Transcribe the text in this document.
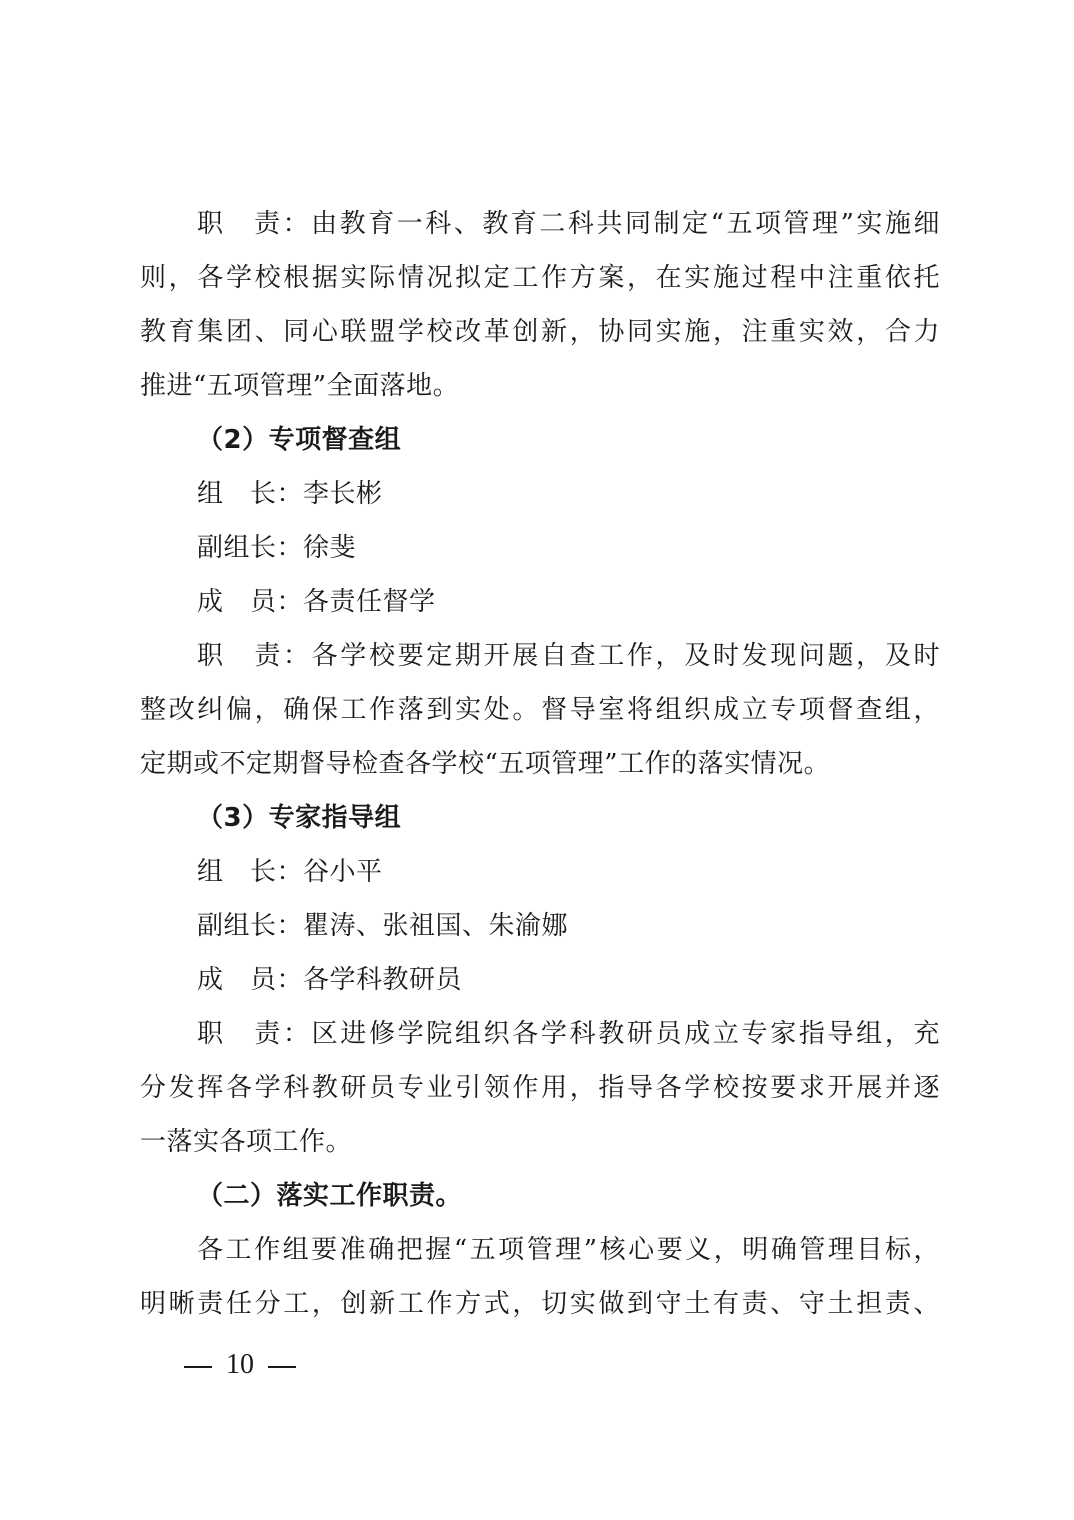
职　责：由教育一科、教育二科共同制定“五项管理”实施细
则，各学校根据实际情况拟定工作方案，在实施过程中注重依托
教育集团、同心联盟学校改革创新，协同实施，注重实效，合力
推进“五项管理”全面落地。
（2）专项督查组
组　长：李长彬
副组长：徐斐
成　员：各责任督学
职　责：各学校要定期开展自查工作，及时发现问题，及时
整改纠偏，确保工作落到实处。督导室将组织成立专项督查组，
定期或不定期督导检查各学校“五项管理”工作的落实情况。
（3）专家指导组
组　长：谷小平
副组长：瞿涛、张祖国、朱渝娜
成　员：各学科教研员
职　责：区进修学院组织各学科教研员成立专家指导组，充
分发挥各学科教研员专业引领作用，指导各学校按要求开展并逐
一落实各项工作。
（二）落实工作职责。
各工作组要准确把握“五项管理”核心要义，明确管理目标，
明晰责任分工，创新工作方式，切实做到守土有责、守土担责、
10
